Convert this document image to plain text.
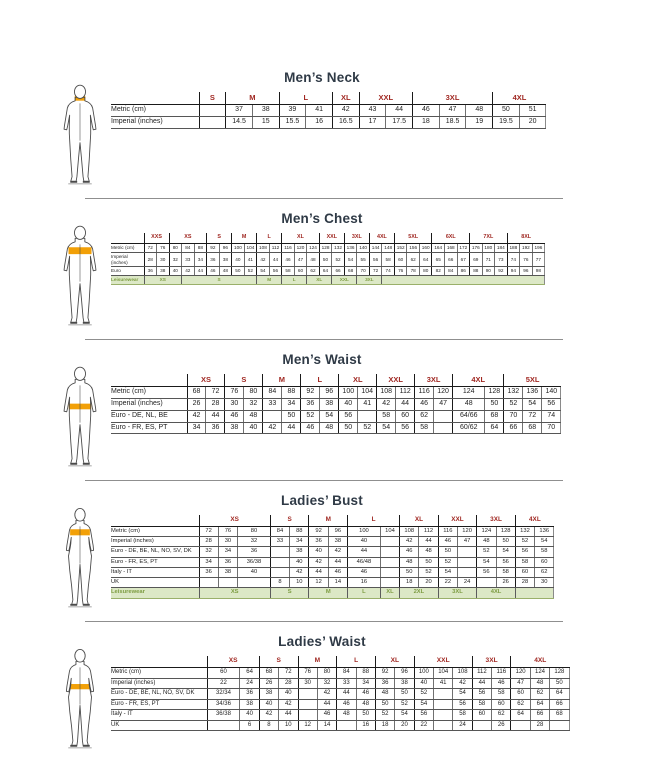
Men’s Neck
	S	M		L		XL	XXL		3XL			4XL	
Metric (cm)		37	38	39	41	42	43	44	46	47	48	50	51
Imperial (inches)		14.5	15	15.5	16	16.5	17	17.5	18	18.5	19	19.5	20
Men’s Chest
	XXS		XS			S		M		L		XL			XXL		3XL		4XL		5XL			6XL			7XL			8XL		
Metric (cm)	72	76	80	84	88	92	96	100	104	108	112	116	120	124	128	132	136	140	144	148	152	156	160	164	168	172	176	180	184	188	192	196
Imperial (inches)	28	30	32	33	34	36	38	40	41	42	44	46	47	48	50	52	54	55	56	58	60	62	64	65	66	67	69	71	73	74	76	77
Euro	36	38	40	42	44	46	48	50	52	54	56	58	60	62	64	66	68	70	72	74	76	78	80	82	84	86	88	90	92	94	96	98
Leisurewear	XS			S						M		L		XL		XXL		3XL														
Men’s Waist
	XS		S		M		L		XL		XXL		3XL		4XL		5XL		
Metric (cm)	68	72	76	80	84	88	92	96	100	104	108	112	116	120	124	128	132	136	140
Imperial (inches)	26	28	30	32	33	34	36	38	40	41	42	44	46	47	48	50	52	54	56
Euro - DE, NL, BE	42	44	46	48		50	52	54	56		58	60	62		64/66	68	70	72	74
Euro - FR, ES, PT	34	36	38	40	42	44	46	48	50	52	54	56	58		60/62	64	66	68	70
Ladies’ Bust
	XS			S		M		L		XL		XXL		3XL		4XL	
Metric (cm)	72	76	80	84	88	92	96	100	104	108	112	116	120	124	128	132	136
Imperial (inches)	28	30	32	33	34	36	38	40		42	44	46	47	48	50	52	54
Euro - DE, BE, NL, NO, SV, DK	32	34	36		38	40	42	44		46	48	50		52	54	56	58
Euro - FR, ES, PT	34	36	36/38		40	42	44	46/48		48	50	52		54	56	58	60
Italy - IT	36	38	40		42	44	46	46		50	52	54		56	58	60	62
UK				8	10	12	14	16		18	20	22	24		26	28	30
Leisurewear	XS			S		M		L	XL	2XL		3XL		4XL			
Ladies’ Waist
	XS		S		M		L		XL		XXL			3XL		4XL		
Metric (cm)	60	64	68	72	76	80	84	88	92	96	100	104	108	112	116	120	124	128
Imperial (inches)	22	24	26	28	30	32	33	34	36	38	40	41	42	44	46	47	48	50
Euro - DE, BE, NL, NO, SV, DK	32/34	36	38	40		42	44	46	48	50	52		54	56	58	60	62	64
Euro - FR, ES, PT	34/36	38	40	42		44	46	48	50	52	54		56	58	60	62	64	66
Italy - IT	36/38	40	42	44		46	48	50	52	54	56		58	60	62	64	66	68
UK		6	8	10	12	14		16	18	20	22		24		26		28	
